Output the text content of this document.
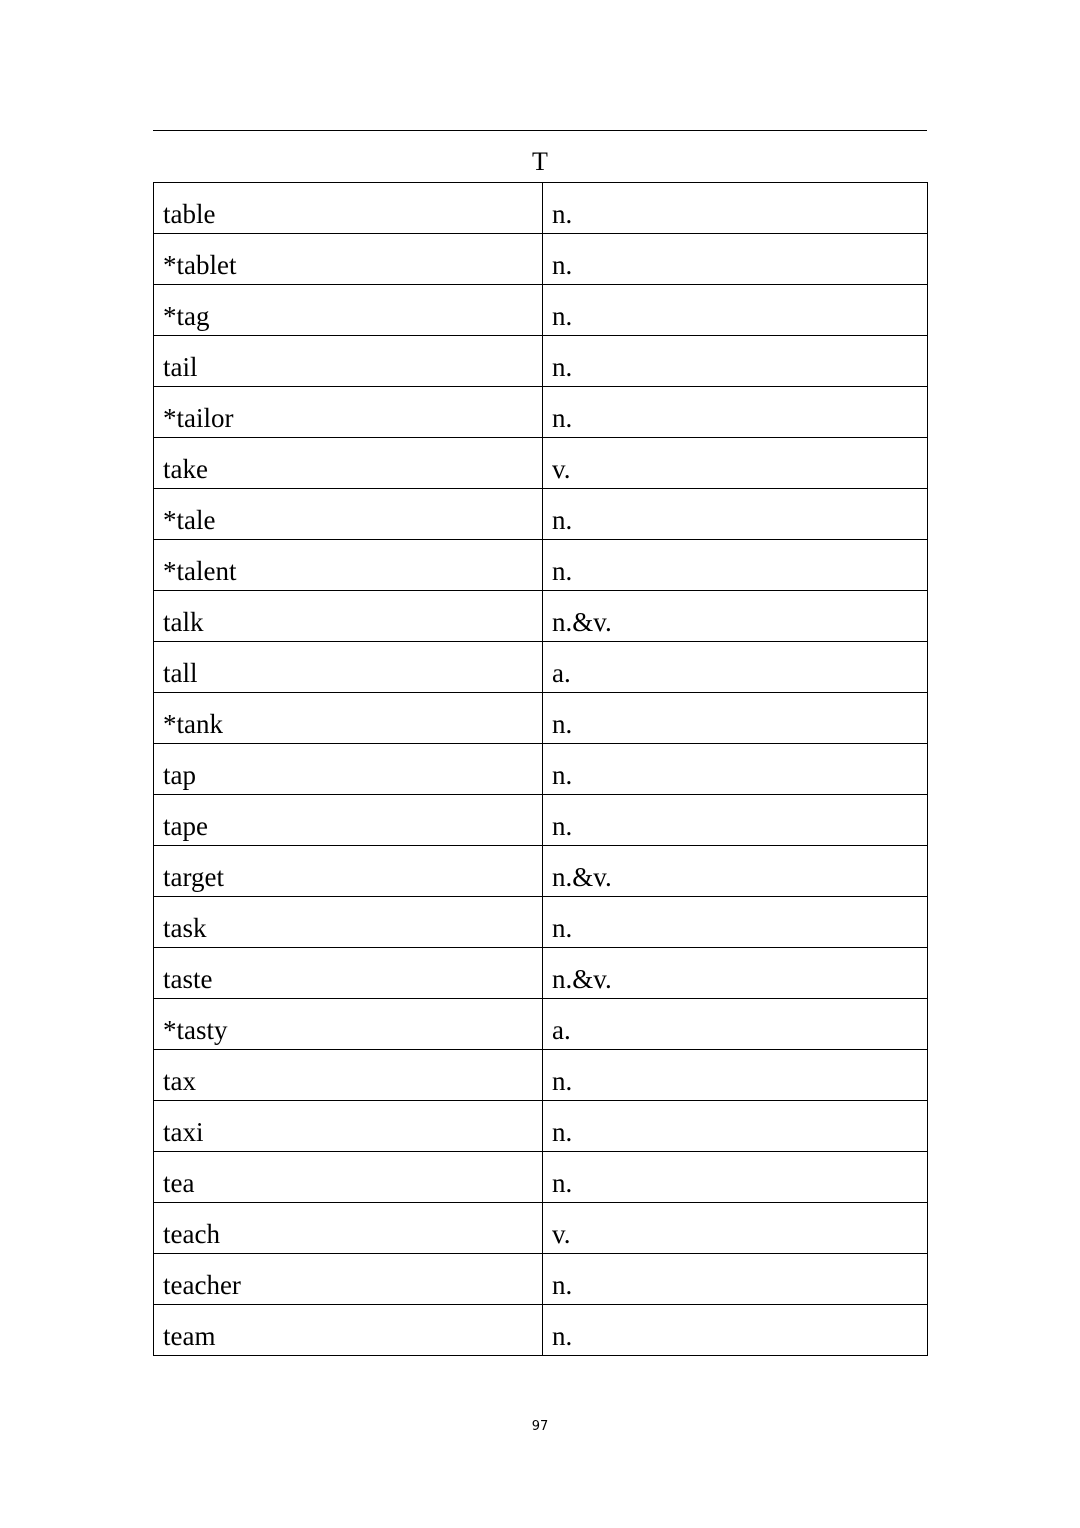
T
table	n.
*tablet	n.
*tag	n.
tail	n.
*tailor	n.
take	v.
*tale	n.
*talent	n.
talk	n.&v.
tall	a.
*tank	n.
tap	n.
tape	n.
target	n.&v.
task	n.
taste	n.&v.
*tasty	a.
tax	n.
taxi	n.
tea	n.
teach	v.
teacher	n.
team	n.
97
